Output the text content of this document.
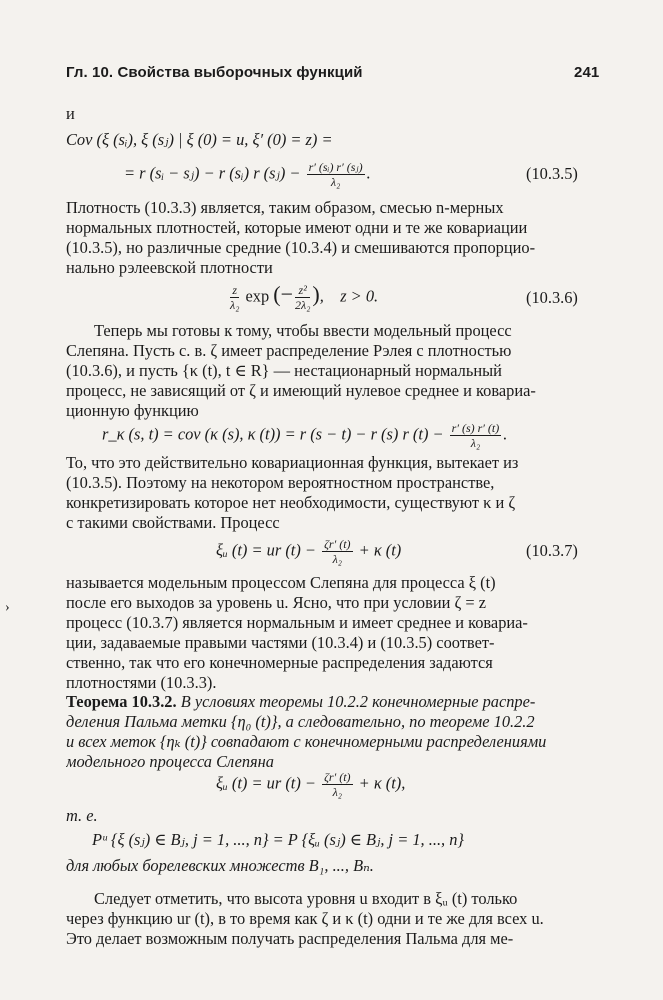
Гл. 10. Свойства выборочных функций	241
и
Cov (ξ (sᵢ), ξ (sⱼ) | ξ (0) = u, ξ′ (0) = z) =
= r (sᵢ − sⱼ) − r (sᵢ) r (sⱼ) − $\frac{\text{r′ (sᵢ) r′ (sⱼ)}}{\text{λ₂}}$ .	(10.3.5)
Плотность (10.3.3) является, таким образом, смесью n-мерных
нормальных плотностей, которые имеют одни и те же ковариации
(10.3.5), но различные средние (10.3.4) и смешиваются пропорцио-
нально рэлеевской плотности
$\frac{z}{\text{λ₂}}$ exp (− $\frac{\text{z²}}{\text{2λ₂}}$ ),    z > 0.	(10.3.6)
Теперь мы готовы к тому, чтобы ввести модельный процесс
Слепяна. Пусть с. в. ζ имеет распределение Рэлея с плотностью
(10.3.6), и пусть {κ (t), t ∈ R} — нестационарный нормальный
процесс, не зависящий от ζ и имеющий нулевое среднее и ковариа-
ционную функцию
r_κ (s, t) = cov (κ (s), κ (t)) = r (s − t) − r (s) r $(t) - \frac{r' (s) r' (t)}{\text{λ₂}}$ .
То, что это действительно ковариационная функция, вытекает из
(10.3.5). Поэтому на некотором вероятностном пространстве,
конкретизировать которое нет необходимости, существуют κ и ζ
с такими свойствами. Процесс
ξᵤ (t) = ur $(t) - \frac{\zeta r' (t)}{\text{λ₂}} + \kappa$ (t)	(10.3.7)
называется модельным процессом Слепяна для процесса ξ (t)
после его выходов за уровень u. Ясно, что при условии ζ = z
процесс (10.3.7) является нормальным и имеет среднее и ковариа-
ции, задаваемые правыми частями (10.3.4) и (10.3.5) соответ-
ственно, так что его конечномерные распределения задаются
плотностями (10.3.3).
Теорема 10.3.2. В условиях теоремы 10.2.2 конечномерные распре-
деления Пальма метки {η₀ (t)}, а следовательно, по теореме 10.2.2
и всех меток {ηₖ (t)} совпадают с конечномерными распределениями
модельного процесса Слепяна
ξᵤ (t) = ur $(t) - \frac{\zeta r' (t)}{\text{λ₂}} + \kappa$ (t),
т. е.
Pᵘ {ξ (sⱼ) ∈ Bⱼ, j = 1, ..., n} = P {ξᵤ (sⱼ) ∈ Bⱼ, j = 1, ..., n}
для любых борелевских множеств B₁, ..., Bₙ.
Следует отметить, что высота уровня u входит в ξᵤ (t) только
через функцию ur (t), в то время как ζ и κ (t) одни и те же для всех u.
Это делает возможным получать распределения Пальма для ме-
›
